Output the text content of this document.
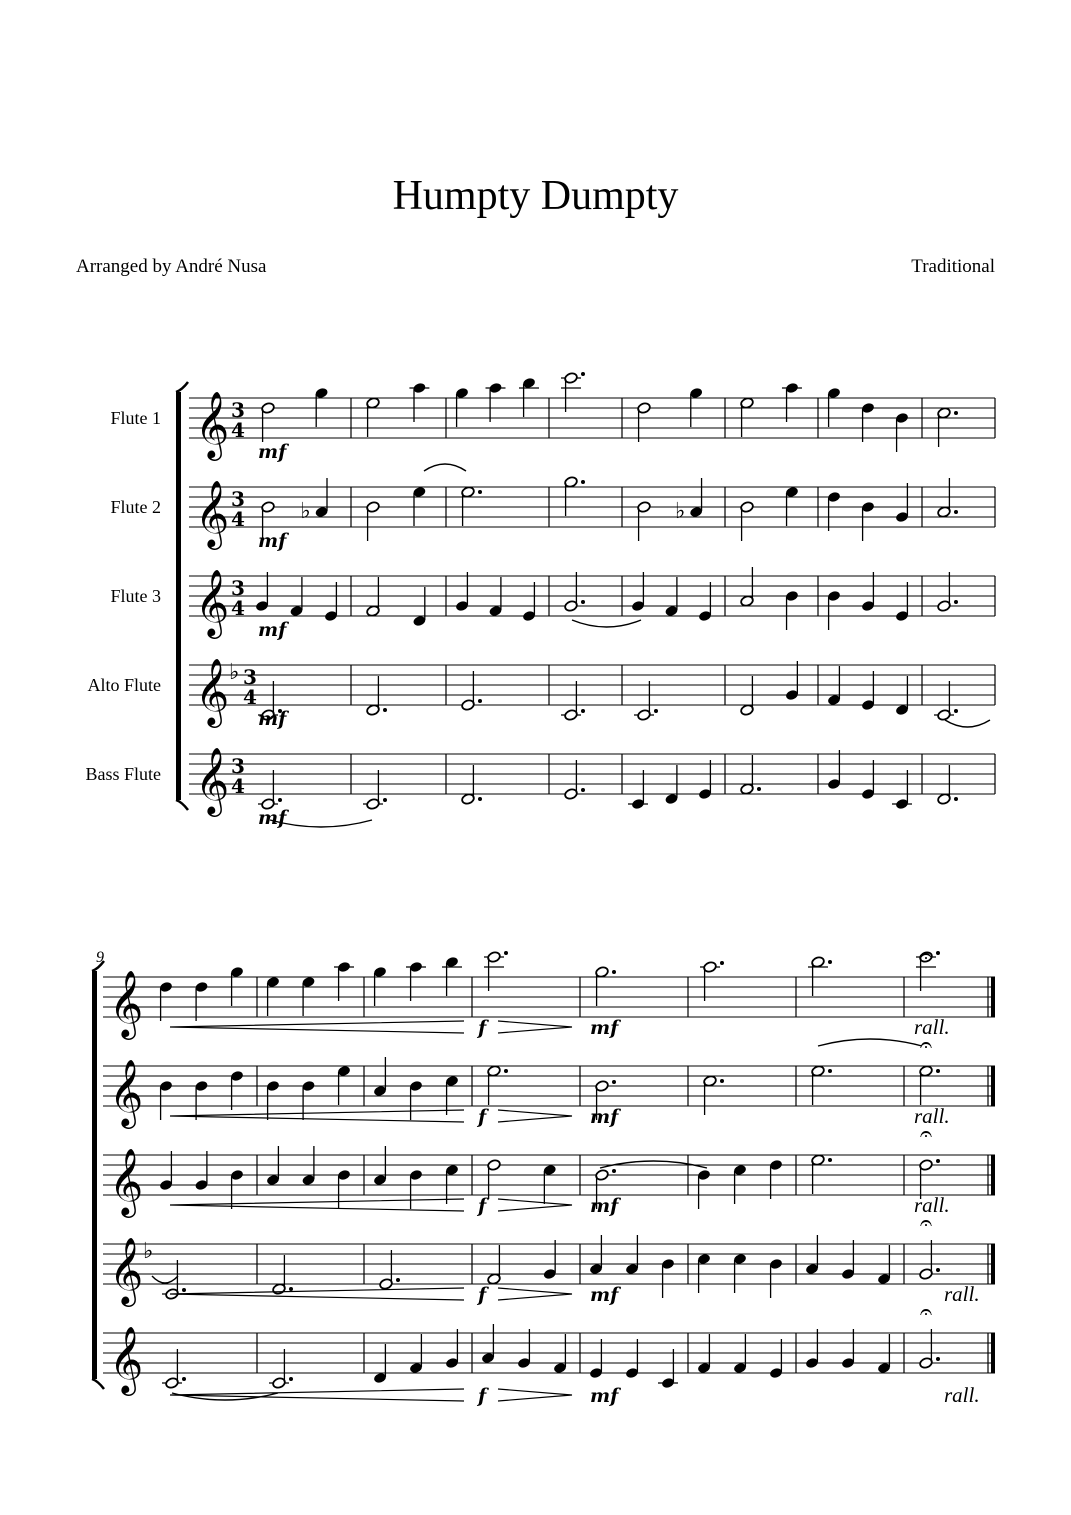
Humpty Dumpty
Arranged by André Nusa	Traditional
Flute 1 𝄞 3
4
mf
Flute 2 𝄞 3
4	♭	♭
mf
Flute 3 𝄞 3
4
mf
Alto Flute 𝄞 ♭ 3
4
mf
Bass Flute 𝄞 3
4
mf
9
𝄞
𝄐
f	mf	rall.
𝄞
𝄐
f	mf	rall.
𝄞
𝄐
f	mf	rall.
𝄞 ♭
𝄐
f	mf	rall.
𝄞
𝄐
f	mf	rall.
